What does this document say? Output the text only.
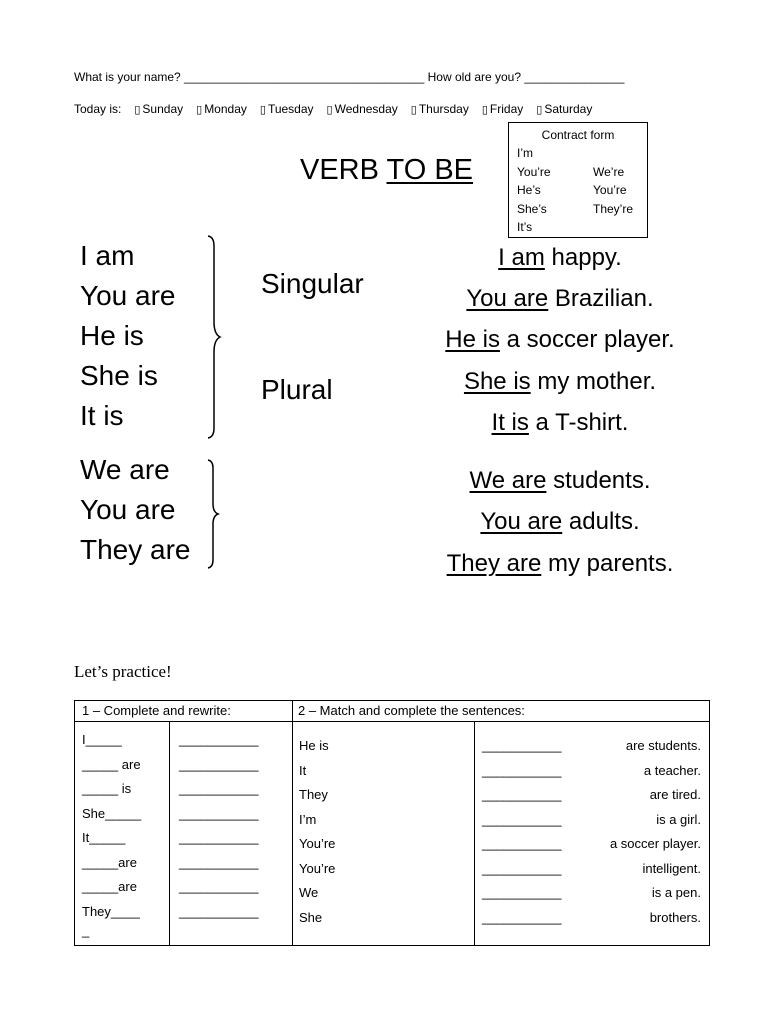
What is your name? ____________________________________ How old are you? _______________
Today is: ▯ Sunday ▯ Monday ▯ Tuesday ▯ Wednesday ▯ Thursday ▯ Friday ▯ Saturday
Contract form
I’m
You’re
He’s
She’s
It’s
We’re
You’re
They’re
VERB TO BE
I am
You are
He is
She is
It is
We are
You are
They are
Singular
Plural
I am happy.
You are Brazilian.
He is a soccer player.
She is my mother.
It is a T-shirt.
We are students.
You are adults.
They are my parents.
Let’s practice!
1 – Complete and rewrite:	2 – Match and complete the sentences:
I_____
_____ are
_____ is
She_____
It_____
_____are
_____are
They____
_
___________
___________
___________
___________
___________
___________
___________
___________
He is
It
They
I’m
You’re
You’re
We
She
___________
___________
___________
___________
___________
___________
___________
___________
are students.
a teacher.
are tired.
is a girl.
a soccer player.
intelligent.
is a pen.
brothers.
